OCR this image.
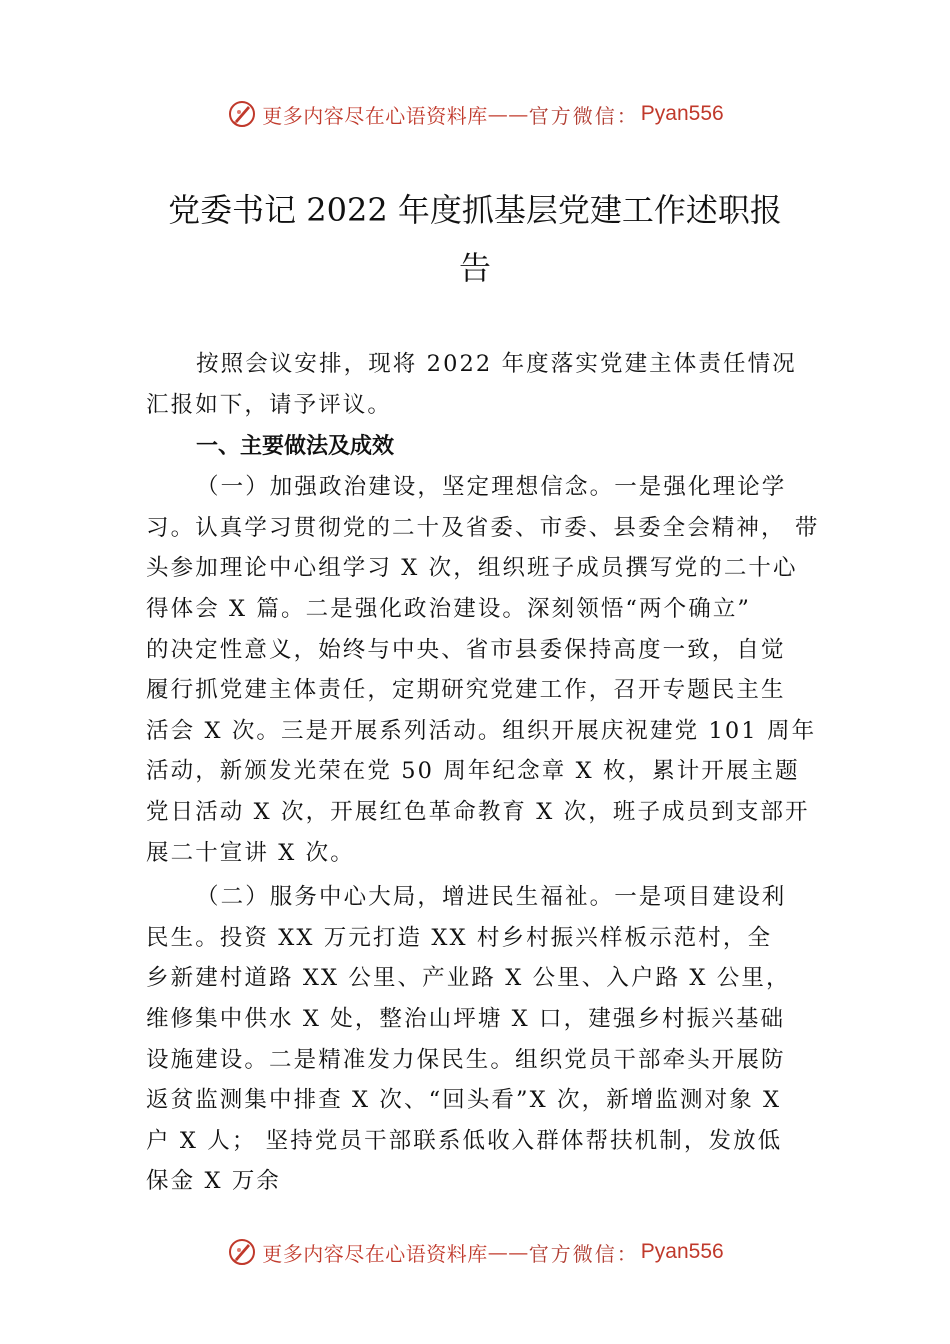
更多内容尽在心语资料库 —— 官方微信： Pyan556
党委书记 2022 年度抓基层党建工作述职报
告

按照会议安排，现将 2022 年度落实党建主体责任情况
汇报如下，请予评议。

一、主要做法及成效

（一）加强政治建设，坚定理想信念。一是强化理论学
习。认真学习贯彻党的二十及省委、市委、县委全会精神， 带
头参加理论中心组学习 X 次，组织班子成员撰写党的二十心
得体会 X 篇。二是强化政治建设。深刻领悟“两个确立”
的决定性意义，始终与中央、省市县委保持高度一致，自觉
履行抓党建主体责任，定期研究党建工作，召开专题民主生
活会 X 次。三是开展系列活动。组织开展庆祝建党 101 周年
活动，新颁发光荣在党 50 周年纪念章 X 枚，累计开展主题
党日活动 X 次，开展红色革命教育 X 次，班子成员到支部开
展二十宣讲 X 次。

（二）服务中心大局，增进民生福祉。一是项目建设利
民生。投资 XX 万元打造 XX 村乡村振兴样板示范村，全
乡新建村道路 XX 公里、产业路 X 公里、入户路 X 公里，
维修集中供水 X 处，整治山坪塘 X 口，建强乡村振兴基础
设施建设。二是精准发力保民生。组织党员干部牵头开展防
返贫监测集中排查 X 次、“回头看”X 次，新增监测对象 X
户 X 人； 坚持党员干部联系低收入群体帮扶机制，发放低
保金 X 万余

更多内容尽在心语资料库 —— 官方微信： Pyan556
